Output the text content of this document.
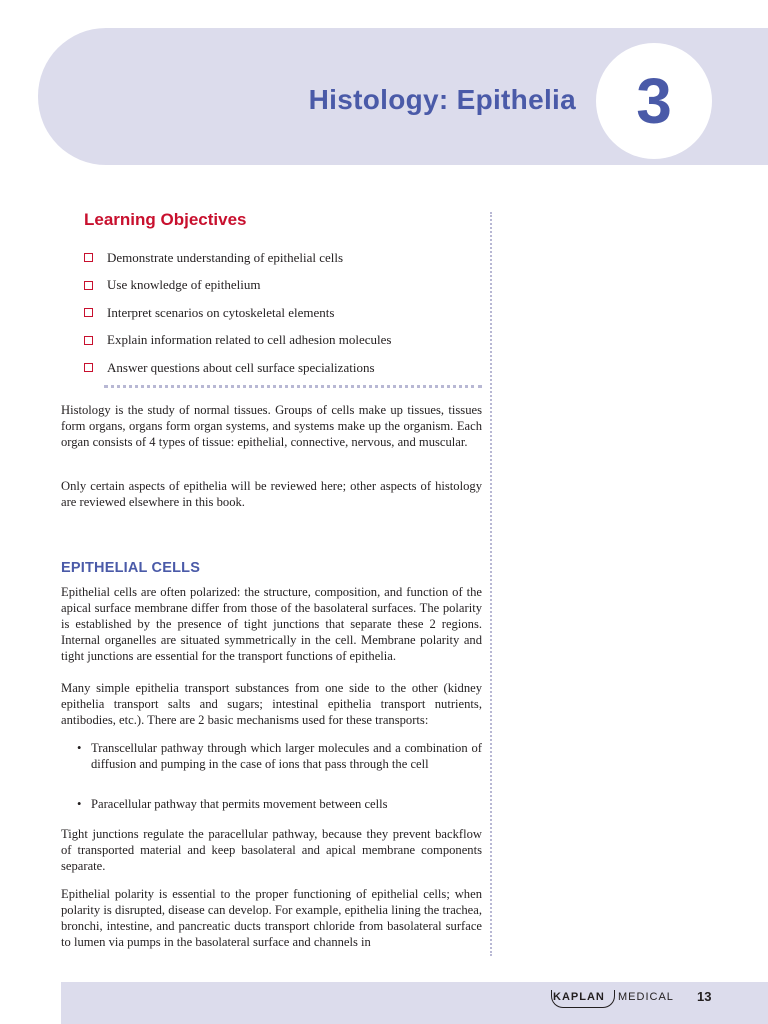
Histology: Epithelia 3
Learning Objectives
Demonstrate understanding of epithelial cells
Use knowledge of epithelium
Interpret scenarios on cytoskeletal elements
Explain information related to cell adhesion molecules
Answer questions about cell surface specializations

Histology is the study of normal tissues. Groups of cells make up tissues, tissues form organs, organs form organ systems, and systems make up the organism. Each organ consists of 4 types of tissue: epithelial, connective, nervous, and muscular.

Only certain aspects of epithelia will be reviewed here; other aspects of histology are reviewed elsewhere in this book.

EPITHELIAL CELLS

Epithelial cells are often polarized: the structure, composition, and function of the apical surface membrane differ from those of the basolateral surfaces. The polarity is established by the presence of tight junctions that separate these 2 regions. Internal organelles are situated symmetrically in the cell. Membrane polarity and tight junctions are essential for the transport functions of epithelia.

Many simple epithelia transport substances from one side to the other (kidney epithelia transport salts and sugars; intestinal epithelia transport nutrients, antibodies, etc.). There are 2 basic mechanisms used for these transports:

• Transcellular pathway through which larger molecules and a combination of diffusion and pumping in the case of ions that pass through the cell
• Paracellular pathway that permits movement between cells

Tight junctions regulate the paracellular pathway, because they prevent backflow of transported material and keep basolateral and apical membrane components separate.

Epithelial polarity is essential to the proper functioning of epithelial cells; when polarity is disrupted, disease can develop. For example, epithelia lining the trachea, bronchi, intestine, and pancreatic ducts transport chloride from basolateral surface to lumen via pumps in the basolateral surface and channels in

KAPLAN MEDICAL 13
